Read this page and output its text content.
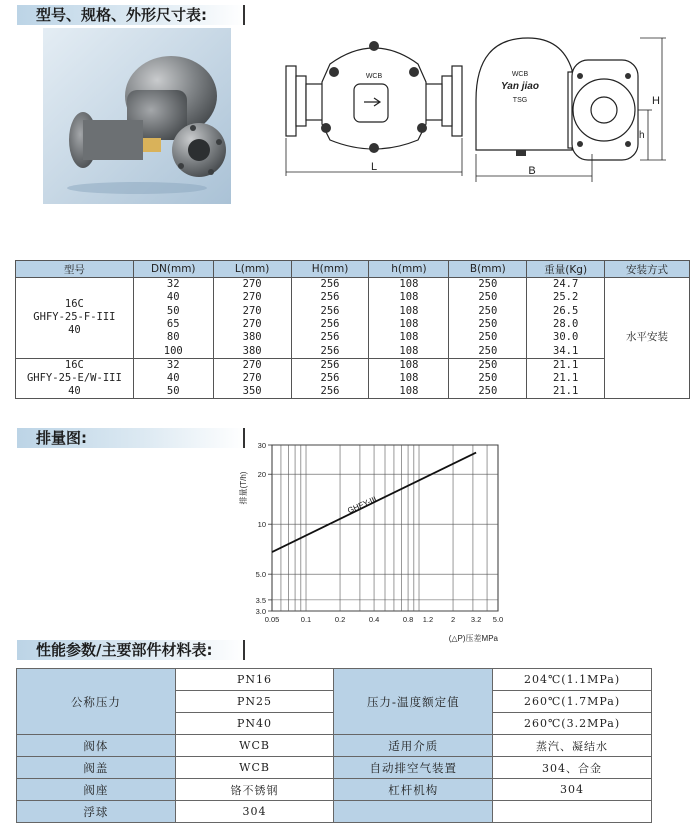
型号、规格、外形尺寸表:
WCB
L
WCB
Yan jiao
TSG
B
H
h
型号	DN(mm)	L(mm)	H(mm)	h(mm)	B(mm)	重量(Kg)	安装方式

16C
GHFY-25-F-III
40	32	270	256	108	250	24.7	水平安装
	40	270	256	108	250	25.2	
	50	270	256	108	250	26.5	
	65	270	256	108	250	28.0	
	80	380	256	108	250	30.0	
	100	380	256	108	250	34.1	

16C
GHFY-25-E/W-III
40	32	270	256	108	250	21.1	
	40	270	256	108	250	21.1	
	50	350	256	108	250	21.1	
排量图:
3.0
3.5
5.0
10
20
30
0.05	0.1	0.2	0.4	0.8 1.2 2 3.2 5.0
GHFY-III
(△P)压差MPa
排量(T/h)
性能参数/主要部件材料表:
公称压力	PN16	压力-温度额定值	204℃(1.1MPa)
	PN25		260℃(1.7MPa)
	PN40		260℃(3.2MPa)
阀体	WCB	适用介质	蒸汽、凝结水
阀盖	WCB	自动排空气装置	304、合金
阀座	铬不锈钢	杠杆机构	304
浮球	304		
